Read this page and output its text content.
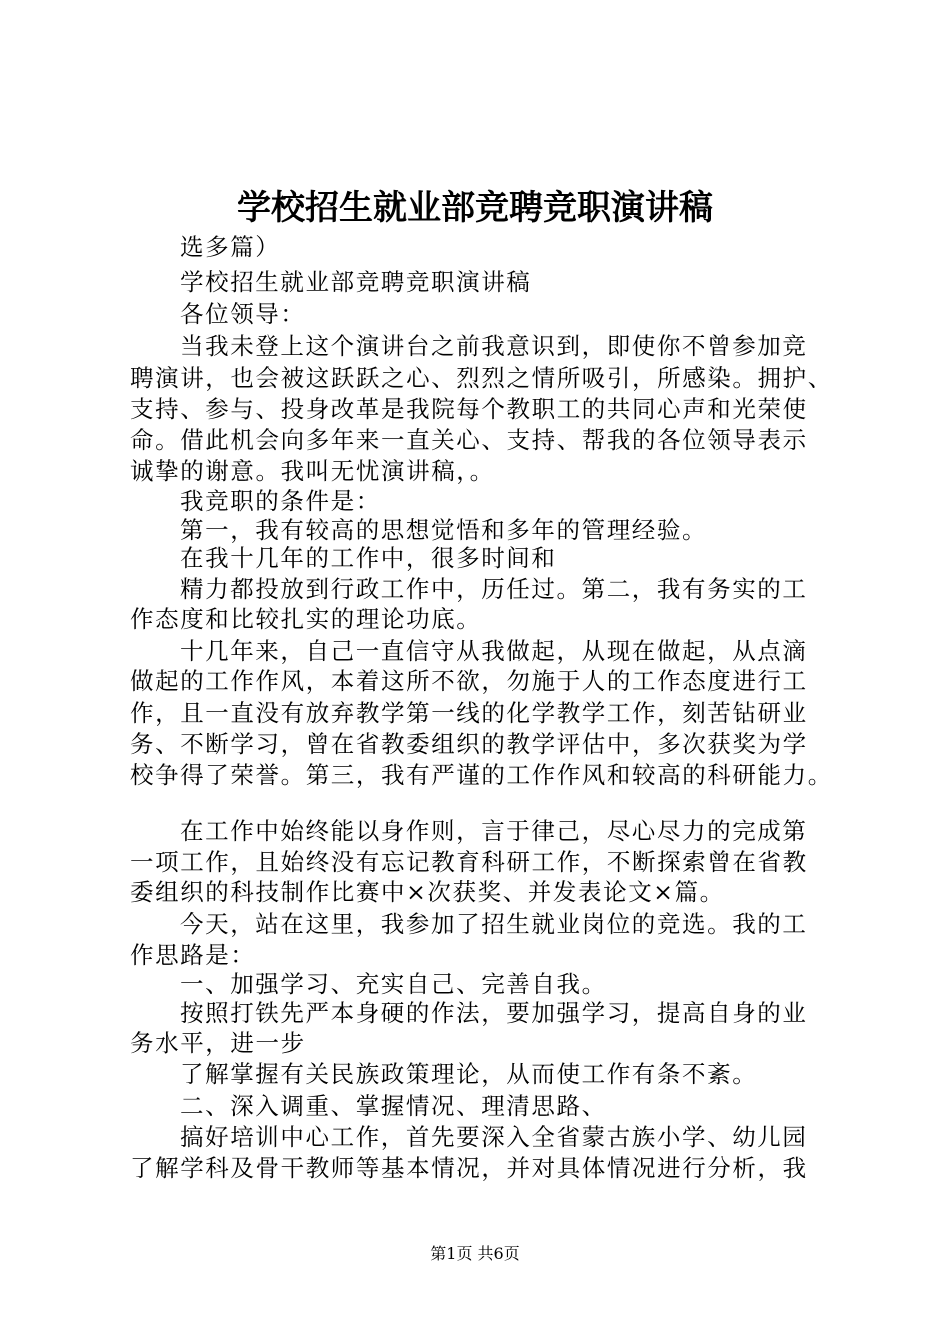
学校招生就业部竞聘竞职演讲稿
选多篇）
学校招生就业部竞聘竞职演讲稿
各位领导：
当我未登上这个演讲台之前我意识到，即使你不曾参加竞
聘演讲，也会被这跃跃之心、烈烈之情所吸引，所感染。拥护、
支持、参与、投身改革是我院每个教职工的共同心声和光荣使
命。借此机会向多年来一直关心、支持、帮我的各位领导表示
诚挚的谢意。我叫无忧演讲稿，。
我竞职的条件是：
第一，我有较高的思想觉悟和多年的管理经验。
在我十几年的工作中，很多时间和
精力都投放到行政工作中，历任过。第二，我有务实的工
作态度和比较扎实的理论功底。
十几年来，自己一直信守从我做起，从现在做起，从点滴
做起的工作作风，本着这所不欲，勿施于人的工作态度进行工
作，且一直没有放弃教学第一线的化学教学工作，刻苦钻研业
务、不断学习，曾在省教委组织的教学评估中，多次获奖为学
校争得了荣誉。第三，我有严谨的工作作风和较高的科研能力。
在工作中始终能以身作则，言于律己，尽心尽力的完成第
一项工作，且始终没有忘记教育科研工作，不断探索曾在省教
委组织的科技制作比赛中×次获奖、并发表论文×篇。
今天，站在这里，我参加了招生就业岗位的竞选。我的工
作思路是：
一、加强学习、充实自己、完善自我。
按照打铁先严本身硬的作法，要加强学习，提高自身的业
务水平，进一步
了解掌握有关民族政策理论，从而使工作有条不紊。
二、深入调重、掌握情况、理清思路、
搞好培训中心工作，首先要深入全省蒙古族小学、幼儿园
了解学科及骨干教师等基本情况，并对具体情况进行分析，我
第1页 共6页
